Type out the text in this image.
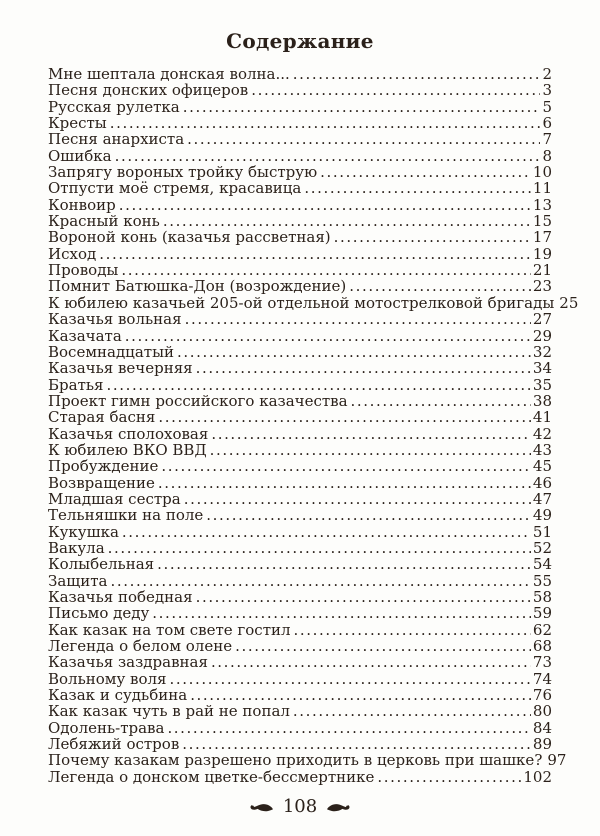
Содержание
Мне шептала донская волна... .....	2
Песня донских офицеров .....	3
Русская рулетка .....	5
Кресты .....	6
Песня анархиста .....	7
Ошибка .....	8
Запрягу вороных тройку быструю .....	10
Отпусти моё стремя, красавица .....	11
Конвоир .....	13
Красный конь .....	15
Вороной конь (казачья рассветная) .....	17
Исход .....	19
Проводы .....	21
Помнит Батюшка-Дон (возрождение) .....	23
К юбилею казачьей 205-ой отдельной мотострелковой бригады 25
Казачья вольная .....	27
Казачата .....	29
Восемнадцатый .....	32
Казачья вечерняя .....	34
Братья .....	35
Проект гимн российского казачества .....	38
Старая басня .....	41
Казачья сполоховая .....	42
К юбилею ВКО ВВД .....	43
Пробуждение .....	45
Возвращение .....	46
Младшая сестра .....	47
Тельняшки на поле .....	49
Кукушка .....	51
Вакула .....	52
Колыбельная .....	54
Защита .....	55
Казачья победная .....	58
Письмо деду .....	59
Как казак на том свете гостил .....	62
Легенда о белом олене .....	68
Казачья заздравная .....	73
Вольному воля .....	74
Казак и судьбина .....	76
Как казак чуть в рай не попал .....	80
Одолень-трава .....	84
Лебяжий остров .....	89
Почему казакам разрешено приходить в церковь при шашке? 97
Легенда о донском цветке-бессмертнике .....	102
108
